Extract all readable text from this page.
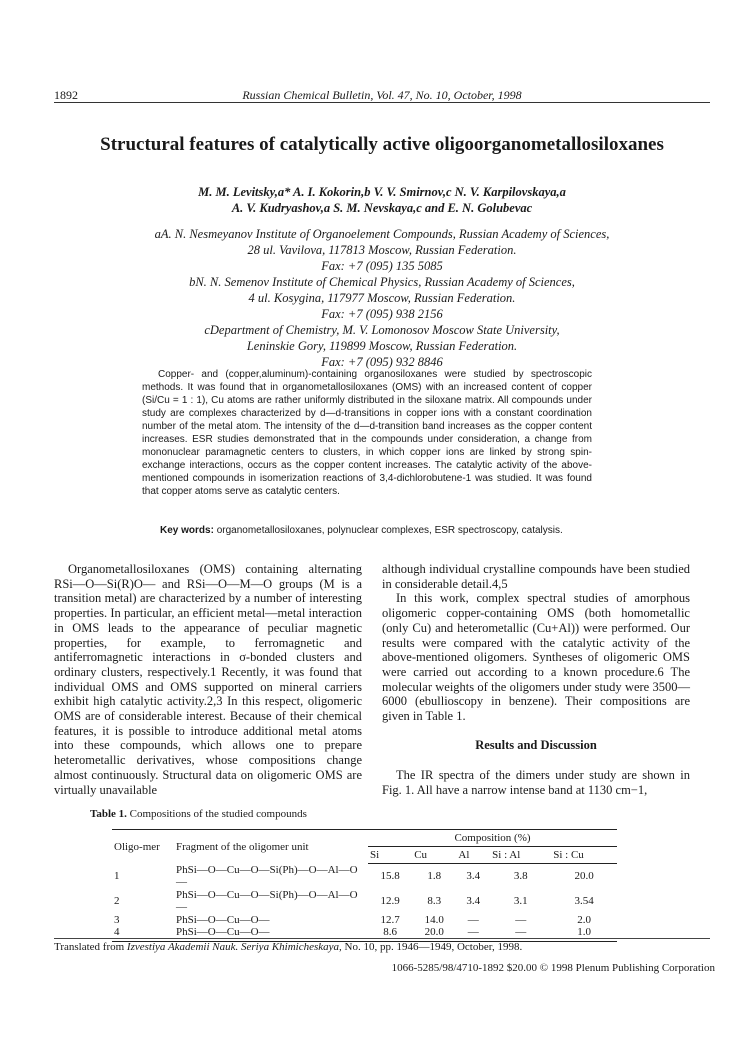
1892	Russian Chemical Bulletin, Vol. 47, No. 10, October, 1998
Structural features of catalytically active oligoorganometallosiloxanes
M. M. Levitsky,a* A. I. Kokorin,b V. V. Smirnov,c N. V. Karpilovskaya,a
A. V. Kudryashov,a S. M. Nevskaya,c and E. N. Golubevac
aA. N. Nesmeyanov Institute of Organoelement Compounds, Russian Academy of Sciences,
28 ul. Vavilova, 117813 Moscow, Russian Federation.
Fax: +7 (095) 135 5085
bN. N. Semenov Institute of Chemical Physics, Russian Academy of Sciences,
4 ul. Kosygina, 117977 Moscow, Russian Federation.
Fax: +7 (095) 938 2156
cDepartment of Chemistry, M. V. Lomonosov Moscow State University,
Leninskie Gory, 119899 Moscow, Russian Federation.
Fax: +7 (095) 932 8846
Copper- and (copper,aluminum)-containing organosiloxanes were studied by spectroscopic methods. It was found that in organometallosiloxanes (OMS) with an increased content of copper (Si/Cu = 1 : 1), Cu atoms are rather uniformly distributed in the siloxane matrix. All compounds under study are complexes characterized by d—d-transitions in copper ions with a constant coordination number of the metal atom. The intensity of the d—d-transition band increases as the copper content increases. ESR studies demonstrated that in the compounds under consideration, a change from mononuclear paramagnetic centers to clusters, in which copper ions are linked by strong spin-exchange interactions, occurs as the copper content increases. The catalytic activity of the above-mentioned compounds in isomerization reactions of 3,4-dichlorobutene-1 was studied. It was found that copper atoms serve as catalytic centers.
Key words: organometallosiloxanes, polynuclear complexes, ESR spectroscopy, catalysis.

Organometallosiloxanes (OMS) containing alternating RSi—O—Si(R)O— and RSi—O—M—O groups (M is a transition metal) are characterized by a number of interesting properties. In particular, an efficient metal—metal interaction in OMS leads to the appearance of peculiar magnetic properties, for example, to ferromagnetic and antiferromagnetic interactions in σ-bonded clusters and ordinary clusters, respectively.1 Recently, it was found that individual OMS and OMS supported on mineral carriers exhibit high catalytic activity.2,3 In this respect, oligomeric OMS are of considerable interest. Because of their chemical features, it is possible to introduce additional metal atoms into these compounds, which allows one to prepare heterometallic derivatives, whose compositions change almost continuously. Structural data on oligomeric OMS are virtually unavailable

although individual crystalline compounds have been studied in considerable detail.4,5

In this work, complex spectral studies of amorphous oligomeric copper-containing OMS (both homometallic (only Cu) and heterometallic (Cu+Al)) were performed. Our results were compared with the catalytic activity of the above-mentioned oligomers. Syntheses of oligomeric OMS were carried out according to a known procedure.6 The molecular weights of the oligomers under study were 3500—6000 (ebullioscopy in benzene). Their compositions are given in Table 1.

Results and Discussion

The IR spectra of the dimers under study are shown in Fig. 1. All have a narrow intense band at 1130 cm−1,

Table 1. Compositions of the studied compounds
Oligo-mer	Fragment of the oligomer unit	Composition (%)				
		Si	Cu	Al	Si : Al	Si : Cu
1	PhSi—O—Cu—O—Si(Ph)—O—Al—O—	15.8	1.8	3.4	3.8	20.0
2	PhSi—O—Cu—O—Si(Ph)—O—Al—O—	12.9	8.3	3.4	3.1	3.54
3	PhSi—O—Cu—O—	12.7	14.0	—	—	2.0
4	PhSi—O—Cu—O—	8.6	20.0	—	—	1.0
Translated from Izvestiya Akademii Nauk. Seriya Khimicheskaya, No. 10, pp. 1946—1949, October, 1998.
1066-5285/98/4710-1892 $20.00 © 1998 Plenum Publishing Corporation
